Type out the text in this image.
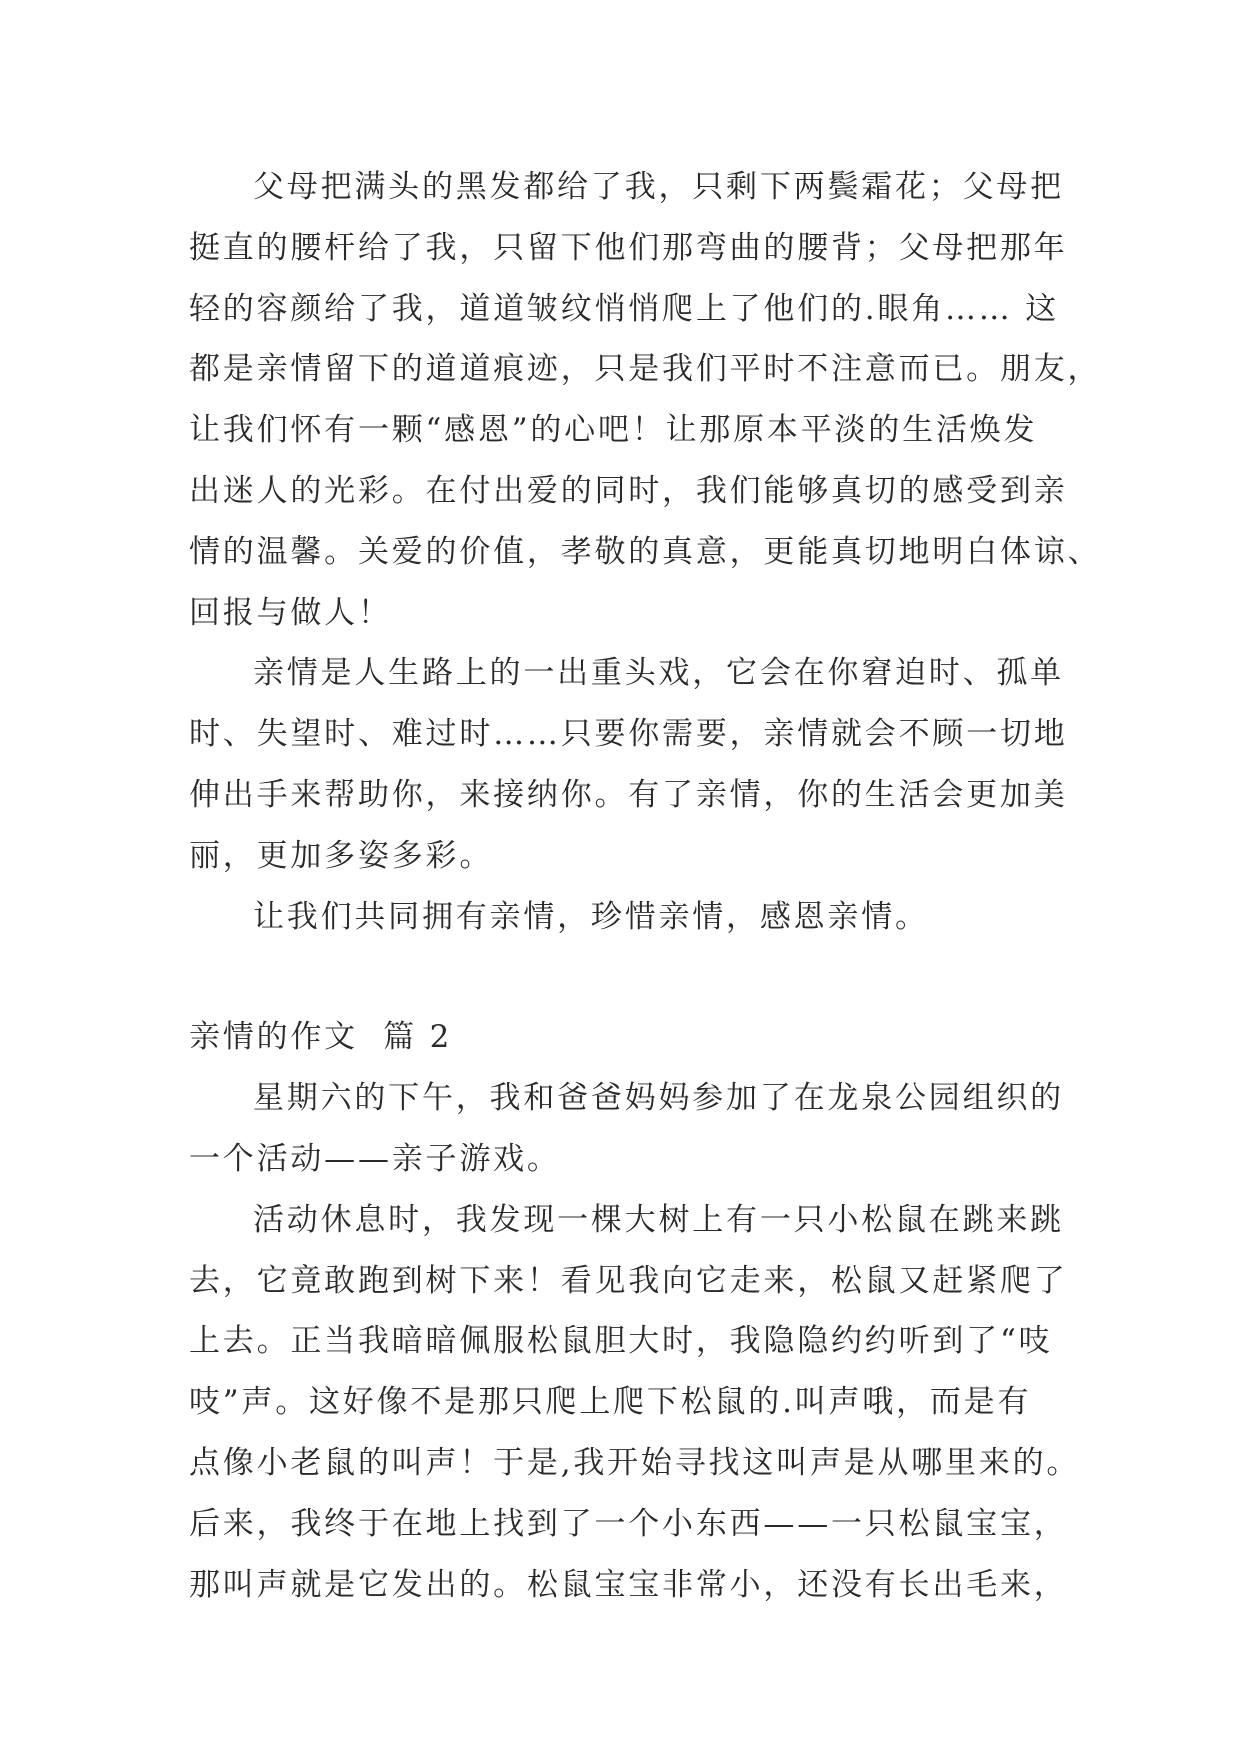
父母把满头的黑发都给了我，只剩下两鬓霜花；父母把
挺直的腰杆给了我，只留下他们那弯曲的腰背；父母把那年
轻的容颜给了我，道道皱纹悄悄爬上了他们的.眼角…… 这
都是亲情留下的道道痕迹，只是我们平时不注意而已。朋友，
让我们怀有一颗“感恩”的心吧！让那原本平淡的生活焕发
出迷人的光彩。在付出爱的同时，我们能够真切的感受到亲
情的温馨。关爱的价值，孝敬的真意，更能真切地明白体谅、
回报与做人！
亲情是人生路上的一出重头戏，它会在你窘迫时、孤单
时、失望时、难过时……只要你需要，亲情就会不顾一切地
伸出手来帮助你，来接纳你。有了亲情，你的生活会更加美
丽，更加多姿多彩。
让我们共同拥有亲情，珍惜亲情，感恩亲情。
亲情的作文  篇 2
星期六的下午，我和爸爸妈妈参加了在龙泉公园组织的
一个活动——亲子游戏。
活动休息时，我发现一棵大树上有一只小松鼠在跳来跳
去，它竟敢跑到树下来！看见我向它走来，松鼠又赶紧爬了
上去。正当我暗暗佩服松鼠胆大时，我隐隐约约听到了“吱
吱”声。这好像不是那只爬上爬下松鼠的.叫声哦，而是有
点像小老鼠的叫声！于是,我开始寻找这叫声是从哪里来的。
后来，我终于在地上找到了一个小东西——一只松鼠宝宝，
那叫声就是它发出的。松鼠宝宝非常小，还没有长出毛来，
